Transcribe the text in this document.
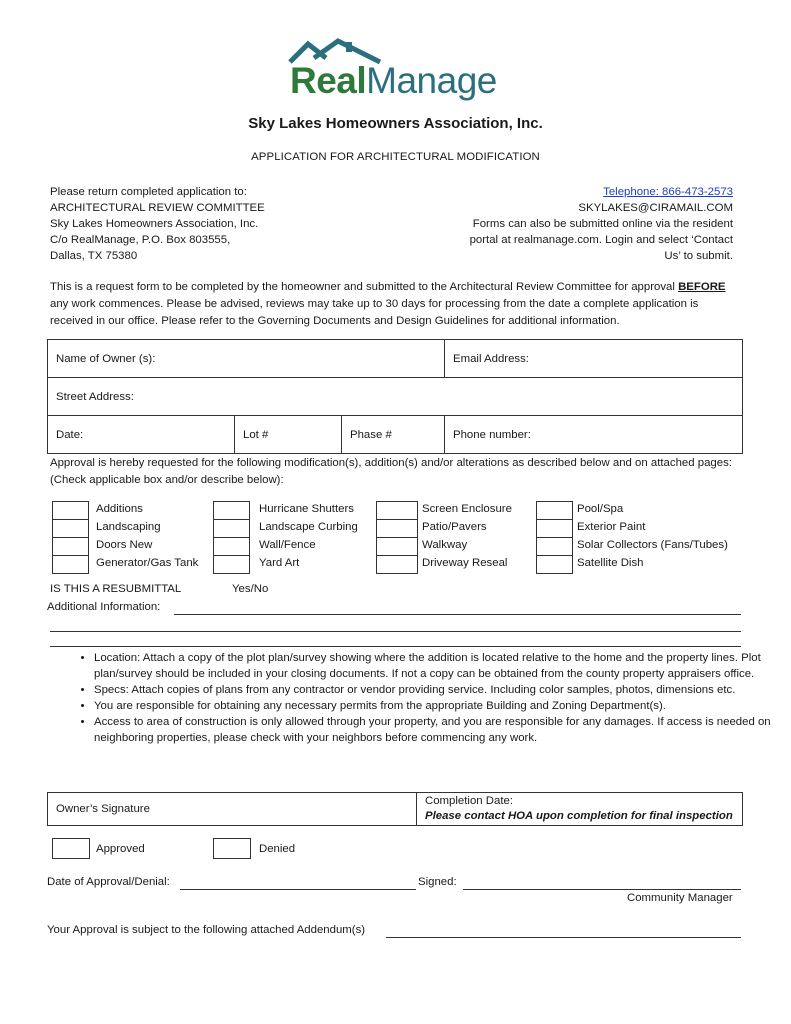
RealManage
Sky Lakes Homeowners Association, Inc.
APPLICATION FOR ARCHITECTURAL MODIFICATION
Please return completed application to:
ARCHITECTURAL REVIEW COMMITTEE
Sky Lakes Homeowners Association, Inc.
C/o RealManage, P.O. Box 803555,
Dallas, TX 75380
Telephone: 866-473-2573
SKYLAKES@CIRAMAIL.COM
Forms can also be submitted online via the resident
portal at realmanage.com. Login and select ‘Contact
Us’ to submit.
This is a request form to be completed by the homeowner and submitted to the Architectural Review Committee for approval BEFORE any work commences. Please be advised, reviews may take up to 30 days for processing from the date a complete application is received in our office. Please refer to the Governing Documents and Design Guidelines for additional information.
Name of Owner (s):			Email Address:
Street Address:			
Date:	Lot #	Phase #	Phone number:
Approval is hereby requested for the following modification(s), addition(s) and/or alterations as described below and on attached pages: (Check applicable box and/or describe below):
Additions
Landscaping
Doors New
Generator/Gas Tank
Hurricane Shutters
Landscape Curbing
Wall/Fence
Yard Art
Screen Enclosure
Patio/Pavers
Walkway
Driveway Reseal
Pool/Spa
Exterior Paint
Solar Collectors (Fans/Tubes)
Satellite Dish
IS THIS A RESUBMITTAL	Yes/No
Additional Information:
• Location: Attach a copy of the plot plan/survey showing where the addition is located relative to the home and the property lines. Plot plan/survey should be included in your closing documents. If not a copy can be obtained from the county property appraisers office.
• Specs: Attach copies of plans from any contractor or vendor providing service. Including color samples, photos, dimensions etc.
• You are responsible for obtaining any necessary permits from the appropriate Building and Zoning Department(s).
• Access to area of construction is only allowed through your property, and you are responsible for any damages. If access is needed on neighboring properties, please check with your neighbors before commencing any work.
Owner’s Signature	
Completion Date:
Please contact HOA upon completion for final inspection
Approved	Denied
Date of Approval/Denial:	Signed:
Community Manager
Your Approval is subject to the following attached Addendum(s)
